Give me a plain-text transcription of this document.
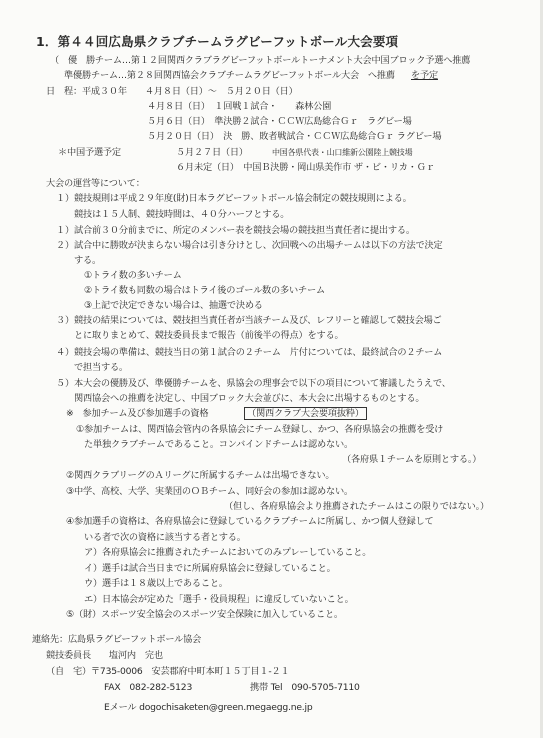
1．第４４回広島県クラブチームラグビーフットボール大会要項
（　優　勝チーム…第１２回関西クラブラグビーフットボールトーナメント大会中国ブロック予選へ推薦
準優勝チーム…第２８回関西協会クラブチームラグビーフットボール大会　へ推薦 を予定
日　程：平成３０年　　４月８日（日）～　５月２０日（日）
４月８日（日）　１回戦１試合・　　森林公園
５月６日（日）　準決勝２試合・ＣＣＷ広島総合Ｇｒ　ラグビー場
５月２０日（日）　決　勝、敗者戦試合・ＣＣＷ広島総合Ｇｒ ラグビー場
＊中国予選予定	５月２７日（日）	中国各県代表・山口維新公園陸上競技場
６月未定（日）　中国Ｂ決勝・岡山県美作市 ザ・ビ・リカ・Ｇｒ
大会の運営等について：
１）競技規則は平成２９年度(財)日本ラグビーフットボール協会制定の競技規則による。
競技は１５人制、競技時間は、４０分ハーフとする。
１）試合前３０分前までに、所定のメンバー表を競技会場の競技担当責任者に提出する。
２）試合中に勝敗が決まらない場合は引き分けとし、次回戦への出場チームは以下の方法で決定
する。
①トライ数の多いチーム
②トライ数も同数の場合はトライ後のゴール数の多いチーム
③上記で決定できない場合は、抽選で決める
３）競技の結果については、競技担当責任者が当該チーム及び、レフリーと確認して競技会場ご
とに取りまとめて、競技委員長まで報告（前後半の得点）をする。
４）競技会場の準備は、競技当日の第１試合の２チーム　片付については、最終試合の２チーム
で担当する。
５）本大会の優勝及び、準優勝チームを、県協会の理事会で以下の項目について審議したうえで、
関西協会への推薦を決定し、中国ブロック大会並びに、本大会に出場するものとする。
※　参加チーム及び参加選手の資格	（関西クラブ大会要項抜粋）
①参加チームは、関西協会管内の各県協会にチーム登録し、かつ、各府県協会の推薦を受け
た単独クラブチームであること。コンバインドチームは認めない。
（各府県１チームを原則とする。）
②関西クラブリーグのＡリーグに所属するチームは出場できない。
③中学、高校、大学、実業団のＯＢチーム、同好会の参加は認めない。
（但し、各府県協会より推薦されたチームはこの限りではない。）
④参加選手の資格は、各府県協会に登録しているクラブチームに所属し、かつ個人登録して
いる者で次の資格に該当する者とする。
ア）各府県協会に推薦されたチームにおいてのみプレーしていること。
イ）選手は試合当日までに所属府県協会に登録していること。
ウ）選手は１８歳以上であること。
エ）日本協会が定めた「選手・役員規程」に違反していないこと。
⑤（財）スポーツ安全協会のスポーツ安全保険に加入していること。
連絡先：広島県ラグビーフットボール協会
競技委員長　　塩河内　完也
（自　宅）〒735-0006　安芸郡府中町本町１５丁目１-２１
FAX　082-282-5123	携帯 Tel　090-5705-7110
Eメール dogochisaketen@green.megaegg.ne.jp
